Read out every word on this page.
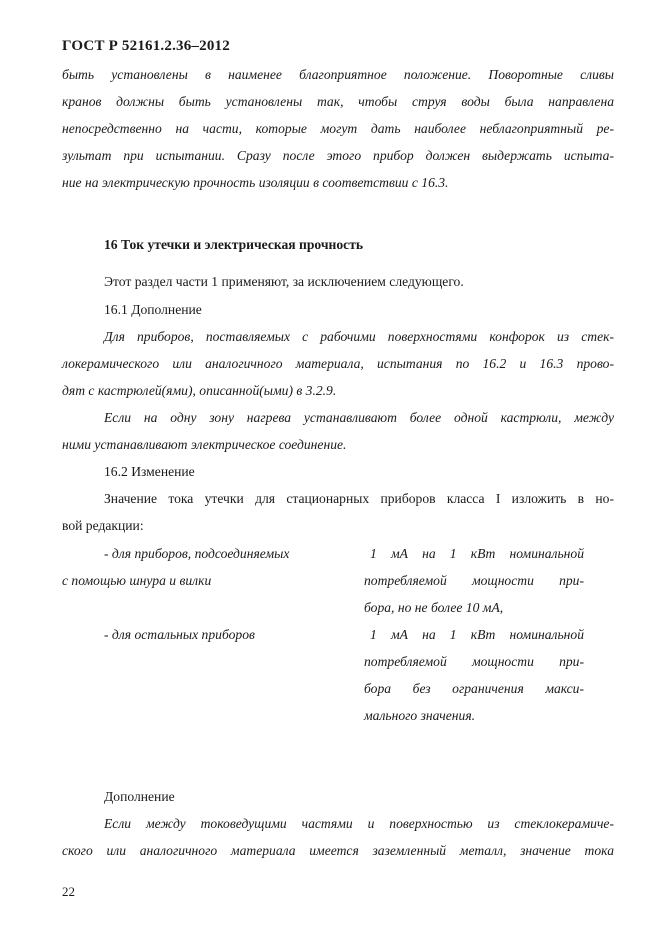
ГОСТ Р 52161.2.36–2012
быть установлены в наименее благоприятное положение. Поворотные сливы
кранов должны быть установлены так, чтобы струя воды была направлена
непосредственно на части, которые могут дать наиболее неблагоприятный ре-
зультат при испытании. Сразу после этого прибор должен выдержать испыта-
ние на электрическую прочность изоляции в соответствии с 16.3.
16 Ток утечки и электрическая прочность
Этот раздел части 1 применяют, за исключением следующего.
16.1 Дополнение
Для приборов, поставляемых с рабочими поверхностями конфорок из стек-
локерамического или аналогичного материала, испытания по 16.2 и 16.3 прово-
дят с кастрюлей(ями), описанной(ыми) в 3.2.9.
Если на одну зону нагрева устанавливают более одной кастрюли, между
ними устанавливают электрическое соединение.
16.2 Изменение
Значение тока утечки для стационарных приборов класса I изложить в но-
вой редакции:
- для приборов, подсоединяемых
с помощью шнура и вилки
1 мА на 1 кВт номинальной
потребляемой мощности при-
бора, но не более 10 мА,
- для остальных приборов	1 мА на 1 кВт номинальной
потребляемой мощности при-
бора без ограничения макси-
мального значения.
Дополнение
Если между токоведущими частями и поверхностью из стеклокерамиче-
ского или аналогичного материала имеется заземленный металл, значение тока
22
